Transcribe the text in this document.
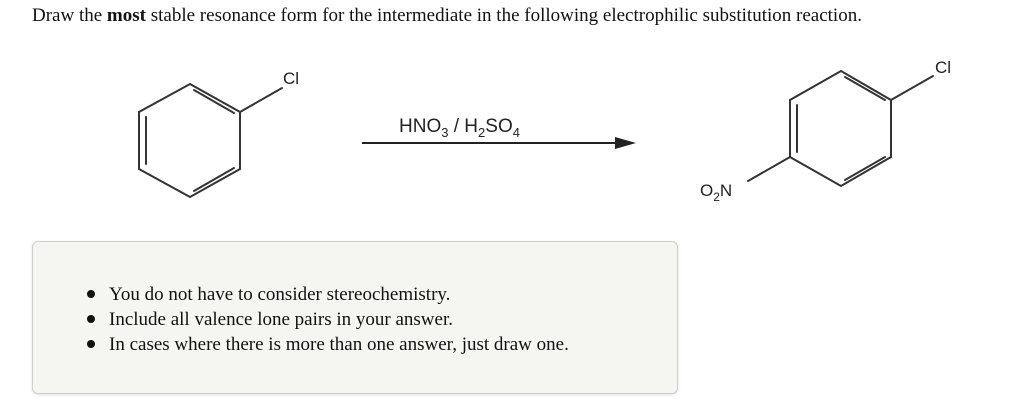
Draw the most stable resonance form for the intermediate in the following electrophilic substitution reaction.

Cl
$HNO_3 / H_2SO_4$
Cl
$O_2N$
You do not have to consider stereochemistry.
Include all valence lone pairs in your answer.
In cases where there is more than one answer, just draw one.
